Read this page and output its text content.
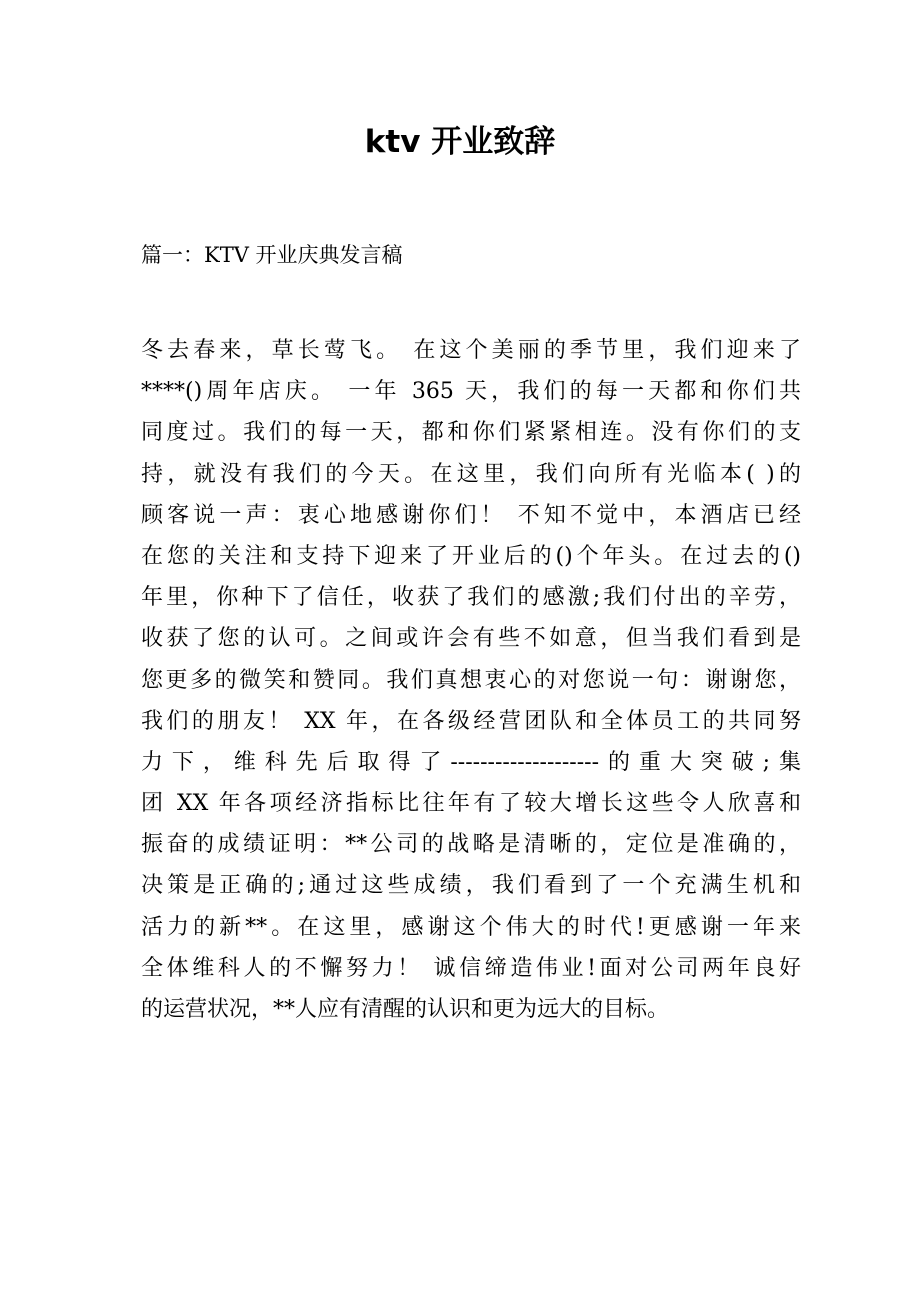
ktv 开业致辞
篇一：KTV 开业庆典发言稿
冬去春来，草长莺飞。 在这个美丽的季节里，我们迎来了
****()周年店庆。 一年 365 天，我们的每一天都和你们共
同度过。我们的每一天，都和你们紧紧相连。没有你们的支
持，就没有我们的今天。在这里，我们向所有光临本( )的
顾客说一声：衷心地感谢你们！ 不知不觉中，本酒店已经
在您的关注和支持下迎来了开业后的()个年头。在过去的()
年里，你种下了信任，收获了我们的感激;我们付出的辛劳，
收获了您的认可。之间或许会有些不如意，但当我们看到是
您更多的微笑和赞同。我们真想衷心的对您说一句：谢谢您，
我们的朋友！ XX 年，在各级经营团队和全体员工的共同努
力下，维科先后取得了--------------------的重大突破;集
团 XX 年各项经济指标比往年有了较大增长这些令人欣喜和
振奋的成绩证明：**公司的战略是清晰的，定位是准确的，
决策是正确的;通过这些成绩，我们看到了一个充满生机和
活力的新**。在这里，感谢这个伟大的时代!更感谢一年来
全体维科人的不懈努力！ 诚信缔造伟业!面对公司两年良好
的运营状况，**人应有清醒的认识和更为远大的目标。
